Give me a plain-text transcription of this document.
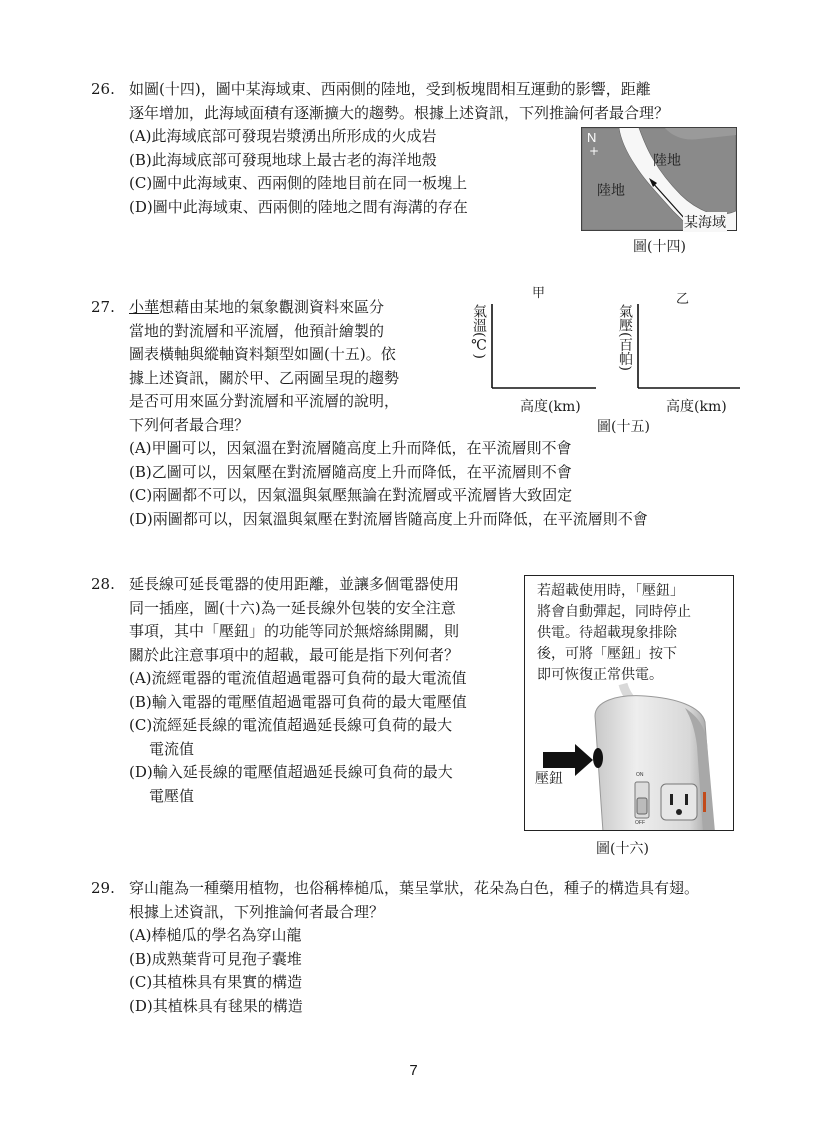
26. 如圖(十四)，圖中某海域東、西兩側的陸地，受到板塊間相互運動的影響，距離
逐年增加，此海域面積有逐漸擴大的趨勢。根據上述資訊，下列推論何者最合理？
(A)此海域底部可發現岩漿湧出所形成的火成岩
(B)此海域底部可發現地球上最古老的海洋地殼
(C)圖中此海域東、西兩側的陸地目前在同一板塊上
(D)圖中此海域東、西兩側的陸地之間有海溝的存在
N
+
陸地
陸地
某海域
圖(十四)
27. 小華想藉由某地的氣象觀測資料來區分
當地的對流層和平流層，他預計繪製的
圖表橫軸與縱軸資料類型如圖(十五)。依
據上述資訊，關於甲、乙兩圖呈現的趨勢
是否可用來區分對流層和平流層的說明，
下列何者最合理？
(A)甲圖可以，因氣溫在對流層隨高度上升而降低，在平流層則不會
(B)乙圖可以，因氣壓在對流層隨高度上升而降低，在平流層則不會
(C)兩圖都不可以，因氣溫與氣壓無論在對流層或平流層皆大致固定
(D)兩圖都可以，因氣溫與氣壓在對流層皆隨高度上升而降低，在平流層則不會
甲	乙
氣溫(℃)	氣壓(百帕)
高度(km)	高度(km)
圖(十五)
28. 延長線可延長電器的使用距離，並讓多個電器使用
同一插座，圖(十六)為一延長線外包裝的安全注意
事項，其中「壓鈕」的功能等同於無熔絲開關，則
關於此注意事項中的超載，最可能是指下列何者？
(A)流經電器的電流值超過電器可負荷的最大電流值
(B)輸入電器的電壓值超過電器可負荷的最大電壓值
(C)流經延長線的電流值超過延長線可負荷的最大
電流值
(D)輸入延長線的電壓值超過延長線可負荷的最大
電壓值
若超載使用時，「壓鈕」
將會自動彈起，同時停止
供電。待超載現象排除
後，可將「壓鈕」按下
即可恢復正常供電。
ON
OFF
壓鈕
圖(十六)
29. 穿山龍為一種藥用植物，也俗稱棒槌瓜，葉呈掌狀，花朵為白色，種子的構造具有翅。
根據上述資訊，下列推論何者最合理？
(A)棒槌瓜的學名為穿山龍
(B)成熟葉背可見孢子囊堆
(C)其植株具有果實的構造
(D)其植株具有毬果的構造
7
